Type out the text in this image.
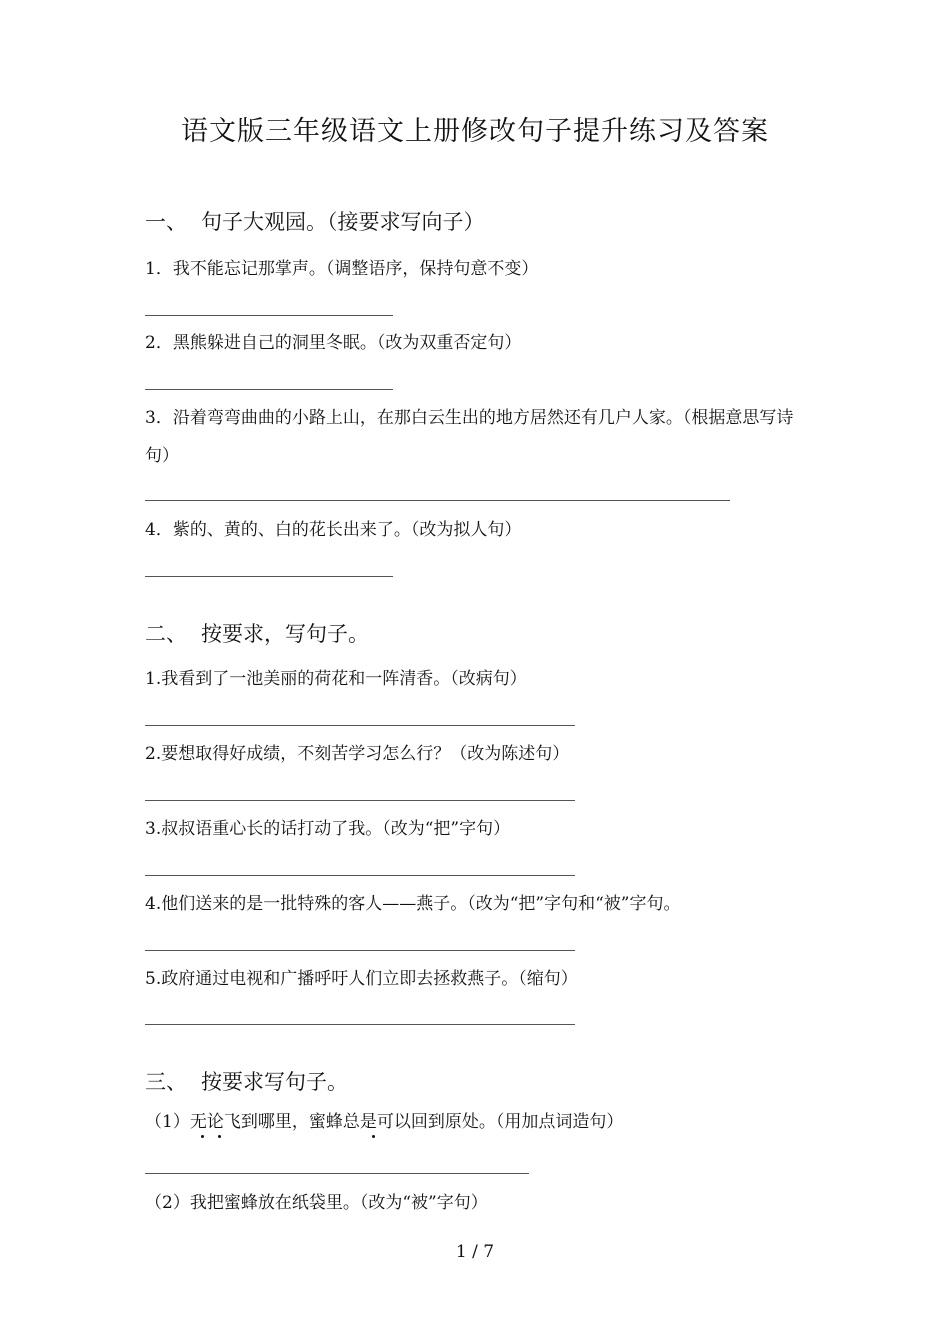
语文版三年级语文上册修改句子提升练习及答案
一、 句子大观园。（接要求写向子）
1．我不能忘记那掌声。（调整语序，保持句意不变）
2．黑熊躲进自己的洞里冬眠。（改为双重否定句）
3．沿着弯弯曲曲的小路上山，在那白云生出的地方居然还有几户人家。（根据意思写诗句）
4．紫的、黄的、白的花长出来了。（改为拟人句）
二、 按要求，写句子。
1.我看到了一池美丽的荷花和一阵清香。（改病句）
2.要想取得好成绩，不刻苦学习怎么行？（改为陈述句）
3.叔叔语重心长的话打动了我。（改为“把”字句）
4.他们送来的是一批特殊的客人——燕子。（改为“把”字句和“被”字句。
5.政府通过电视和广播呼吁人们立即去拯救燕子。（缩句）
三、 按要求写句子。
（1）无论飞到哪里，蜜蜂总是可以回到原处。（用加点词造句）
（2）我把蜜蜂放在纸袋里。（改为“被”字句）
1 / 7
